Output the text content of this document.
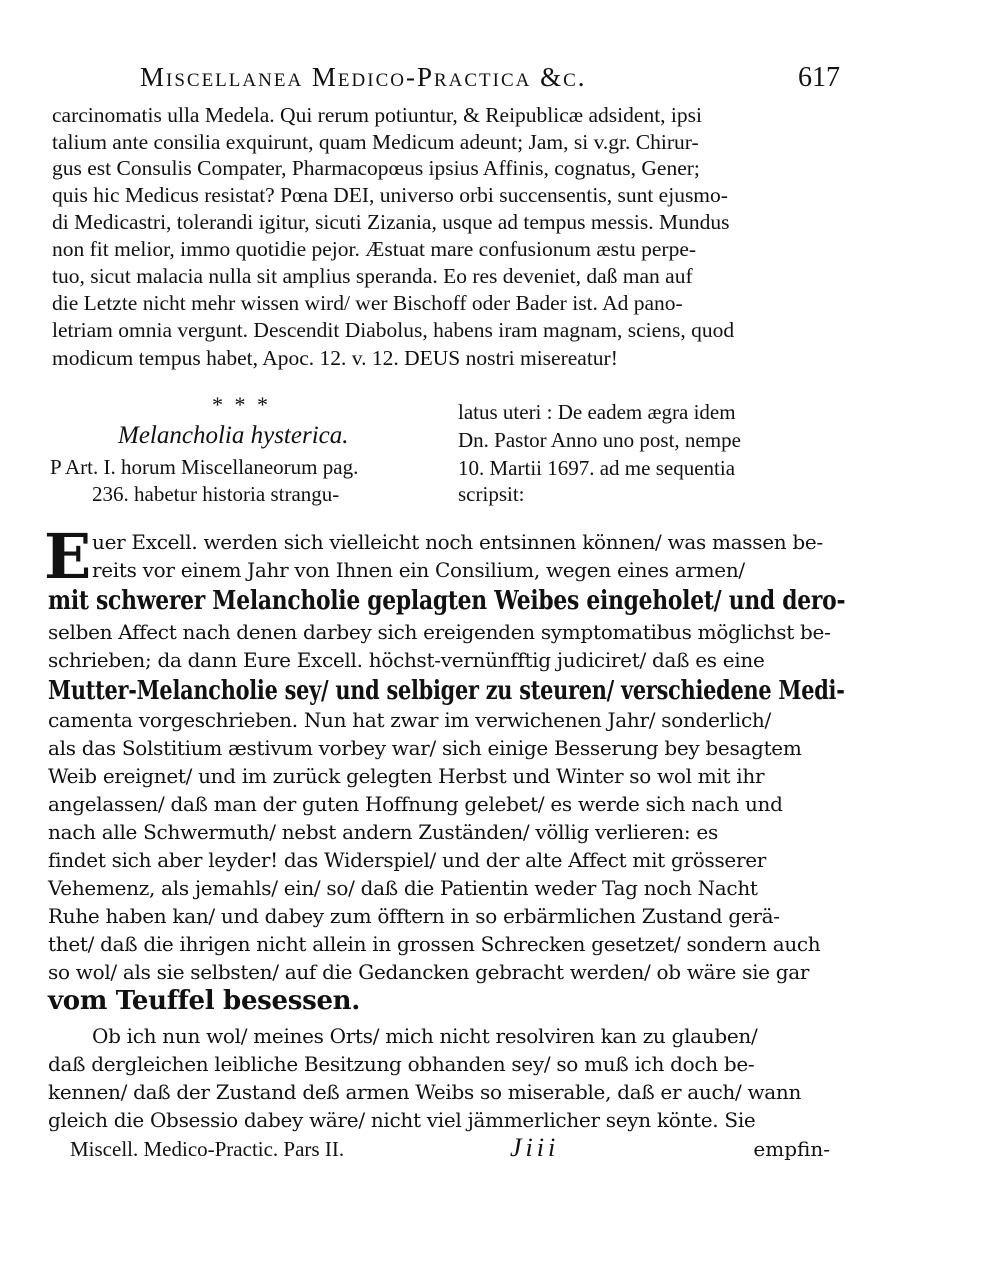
Miscellanea Medico-Practica &c.	617
carcinomatis ulla Medela. Qui rerum potiuntur, & Reipublicæ adsident, ipsi
talium ante consilia exquirunt, quam Medicum adeunt; Jam, si v.gr. Chirur-
gus est Consulis Compater, Pharmacopœus ipsius Affinis, cognatus, Gener;
quis hic Medicus resistat? Pœna DEI, universo orbi succensentis, sunt ejusmo-
di Medicastri, tolerandi igitur, sicuti Zizania, usque ad tempus messis. Mundus
non fit melior, immo quotidie pejor. Æstuat mare confusionum æstu perpe-
tuo, sicut malacia nulla sit amplius speranda. Eo res deveniet, daß man auf
die Letzte nicht mehr wissen wird/ wer Bischoff oder Bader ist. Ad pano-
letriam omnia vergunt. Descendit Diabolus, habens iram magnam, sciens, quod
modicum tempus habet, Apoc. 12. v. 12. DEUS nostri misereatur!
* * *
Melancholia hysterica.
P Art. I. horum Miscellaneorum pag.
236. habetur historia strangu-
latus uteri : De eadem ægra idem
Dn. Pastor Anno uno post, nempe
10. Martii 1697. ad me sequentia
scripsit:
E uer Excell. werden sich vielleicht noch entsinnen können/ was massen be-
reits vor einem Jahr von Ihnen ein Consilium, wegen eines armen/
mit schwerer Melancholie geplagten Weibes eingeholet/ und dero-
selben Affect nach denen darbey sich ereigenden symptomatibus möglichst be-
schrieben; da dann Eure Excell. höchst-vernünfftig judiciret/ daß es eine
Mutter-Melancholie sey/ und selbiger zu steuren/ verschiedene Medi-
camenta vorgeschrieben. Nun hat zwar im verwichenen Jahr/ sonderlich/
als das Solstitium æstivum vorbey war/ sich einige Besserung bey besagtem
Weib ereignet/ und im zurück gelegten Herbst und Winter so wol mit ihr
angelassen/ daß man der guten Hoffnung gelebet/ es werde sich nach und
nach alle Schwermuth/ nebst andern Zuständen/ völlig verlieren: es
findet sich aber leyder! das Widerspiel/ und der alte Affect mit grösserer
Vehemenz, als jemahls/ ein/ so/ daß die Patientin weder Tag noch Nacht
Ruhe haben kan/ und dabey zum öfftern in so erbärmlichen Zustand gerä-
thet/ daß die ihrigen nicht allein in grossen Schrecken gesetzet/ sondern auch
so wol/ als sie selbsten/ auf die Gedancken gebracht werden/ ob wäre sie gar
vom Teuffel besessen.
Ob ich nun wol/ meines Orts/ mich nicht resolviren kan zu glauben/
daß dergleichen leibliche Besitzung obhanden sey/ so muß ich doch be-
kennen/ daß der Zustand deß armen Weibs so miserable, daß er auch/ wann
gleich die Obsessio dabey wäre/ nicht viel jämmerlicher seyn könte. Sie
Miscell. Medico-Practic. Pars II.	Jiii	empfin-
